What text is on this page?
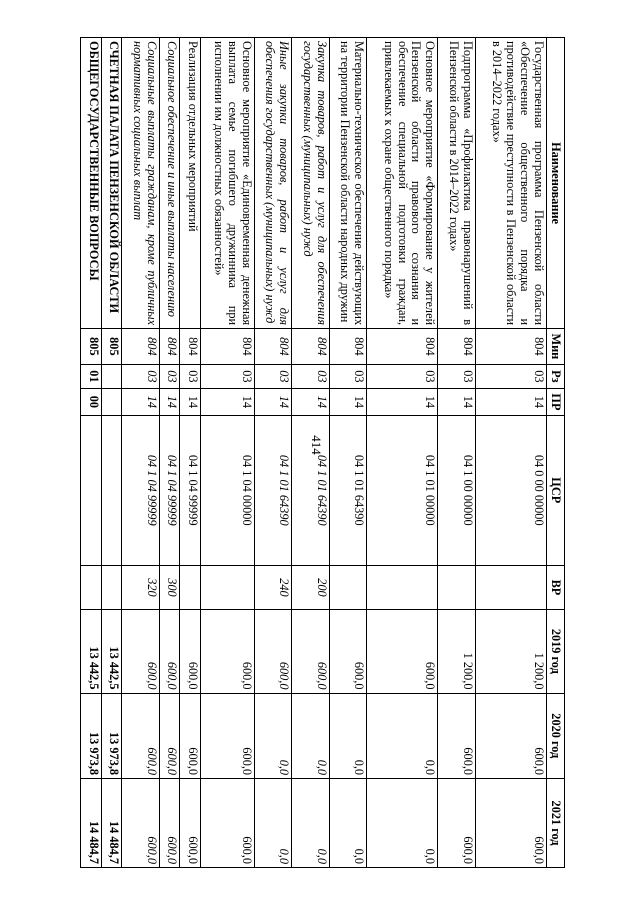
414
Наименование	Мин	Рз	ПР	ЦСР	ВР	2019 год	2020 год	2021 год
Государственная программа Пензенской области «Обеспечение общественного порядка и противодействие преступности в Пензенской области в 2014–2022 годах»	804	03	14	04 0 00 00000		1 200,0	600,0	600,0
Подпрограмма «Профилактика правонарушений в Пензенской области в 2014–2022 годах»	804	03	14	04 1 00 00000		1 200,0	600,0	600,0
Основное мероприятие «Формирование у жителей Пензенской области правового сознания и обеспечение специальной подготовки граждан, привлекаемых к охране общественного порядка»	804	03	14	04 1 01 00000		600,0	0,0	0,0
Материально-техническое обеспечение действующих на территории Пензенской области народных дружин	804	03	14	04 1 01 64390		600,0	0,0	0,0
Закупка товаров, работ и услуг для обеспечения государственных (муниципальных) нужд	804	03	14	04 1 01 64390	200	600,0	0,0	0,0
Иные закупки товаров, работ и услуг для обеспечения государственных (муниципальных) нужд	804	03	14	04 1 01 64390	240	600,0	0,0	0,0
Основное мероприятие «Единовременная денежная выплата семье погибшего дружинника при исполнении им должностных обязанностей»	804	03	14	04 1 04 00000		600,0	600,0	600,0
Реализация отдельных мероприятий	804	03	14	04 1 04 99999		600,0	600,0	600,0
Социальное обеспечение и иные выплаты населению	804	03	14	04 1 04 99999	300	600,0	600,0	600,0
Социальные выплаты гражданам, кроме публичных нормативных социальных выплат	804	03	14	04 1 04 99999	320	600,0	600,0	600,0
СЧЕТНАЯ ПАЛАТА ПЕНЗЕНСКОЙ ОБЛАСТИ	805					13 442,5	13 973,8	14 484,7
ОБЩЕГОСУДАРСТВЕННЫЕ ВОПРОСЫ	805	01	00			13 442,5	13 973,8	14 484,7
